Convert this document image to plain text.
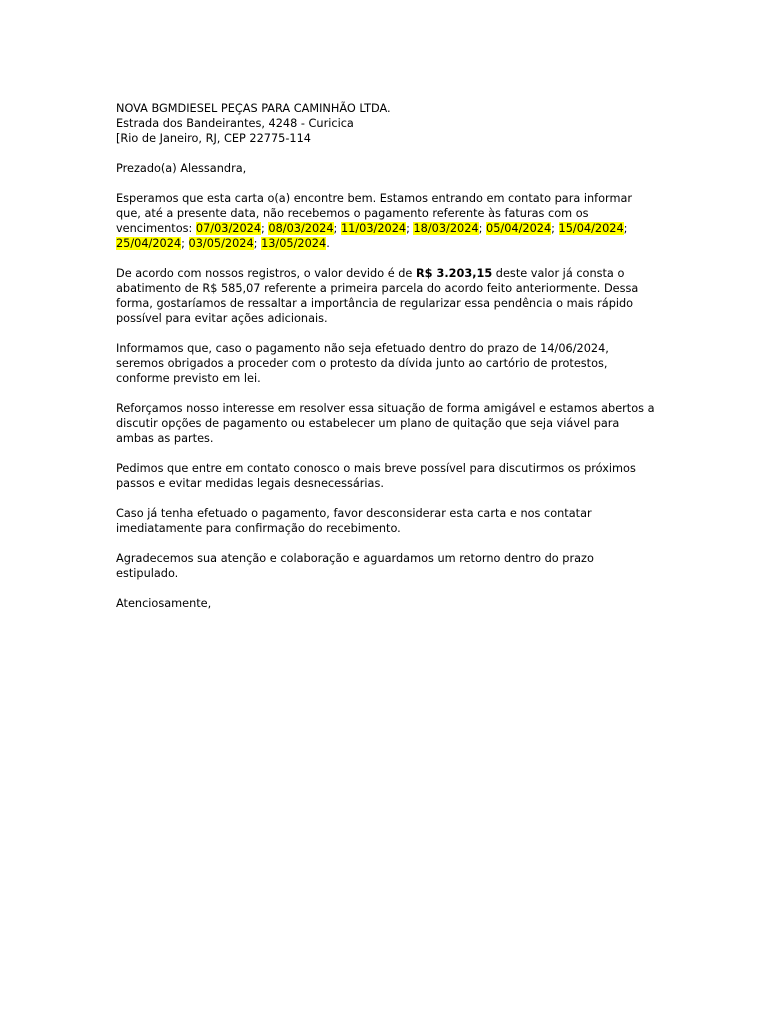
NOVA BGMDIESEL PEÇAS PARA CAMINHÃO LTDA.
Estrada dos Bandeirantes, 4248 - Curicica
[Rio de Janeiro, RJ, CEP 22775-114

Prezado(a) Alessandra,

Esperamos que esta carta o(a) encontre bem. Estamos entrando em contato para informar que, até a presente data, não recebemos o pagamento referente às faturas com os vencimentos: 07/03/2024; 08/03/2024; 11/03/2024; 18/03/2024; 05/04/2024; 15/04/2024; 25/04/2024; 03/05/2024; 13/05/2024.

De acordo com nossos registros, o valor devido é de R$ 3.203,15 deste valor já consta o abatimento de R$ 585,07 referente a primeira parcela do acordo feito anteriormente. Dessa forma, gostaríamos de ressaltar a importância de regularizar essa pendência o mais rápido possível para evitar ações adicionais.

Informamos que, caso o pagamento não seja efetuado dentro do prazo de 14/06/2024, seremos obrigados a proceder com o protesto da dívida junto ao cartório de protestos, conforme previsto em lei.

Reforçamos nosso interesse em resolver essa situação de forma amigável e estamos abertos a discutir opções de pagamento ou estabelecer um plano de quitação que seja viável para ambas as partes.

Pedimos que entre em contato conosco o mais breve possível para discutirmos os próximos passos e evitar medidas legais desnecessárias.

Caso já tenha efetuado o pagamento, favor desconsiderar esta carta e nos contatar imediatamente para confirmação do recebimento.

Agradecemos sua atenção e colaboração e aguardamos um retorno dentro do prazo estipulado.

Atenciosamente,
